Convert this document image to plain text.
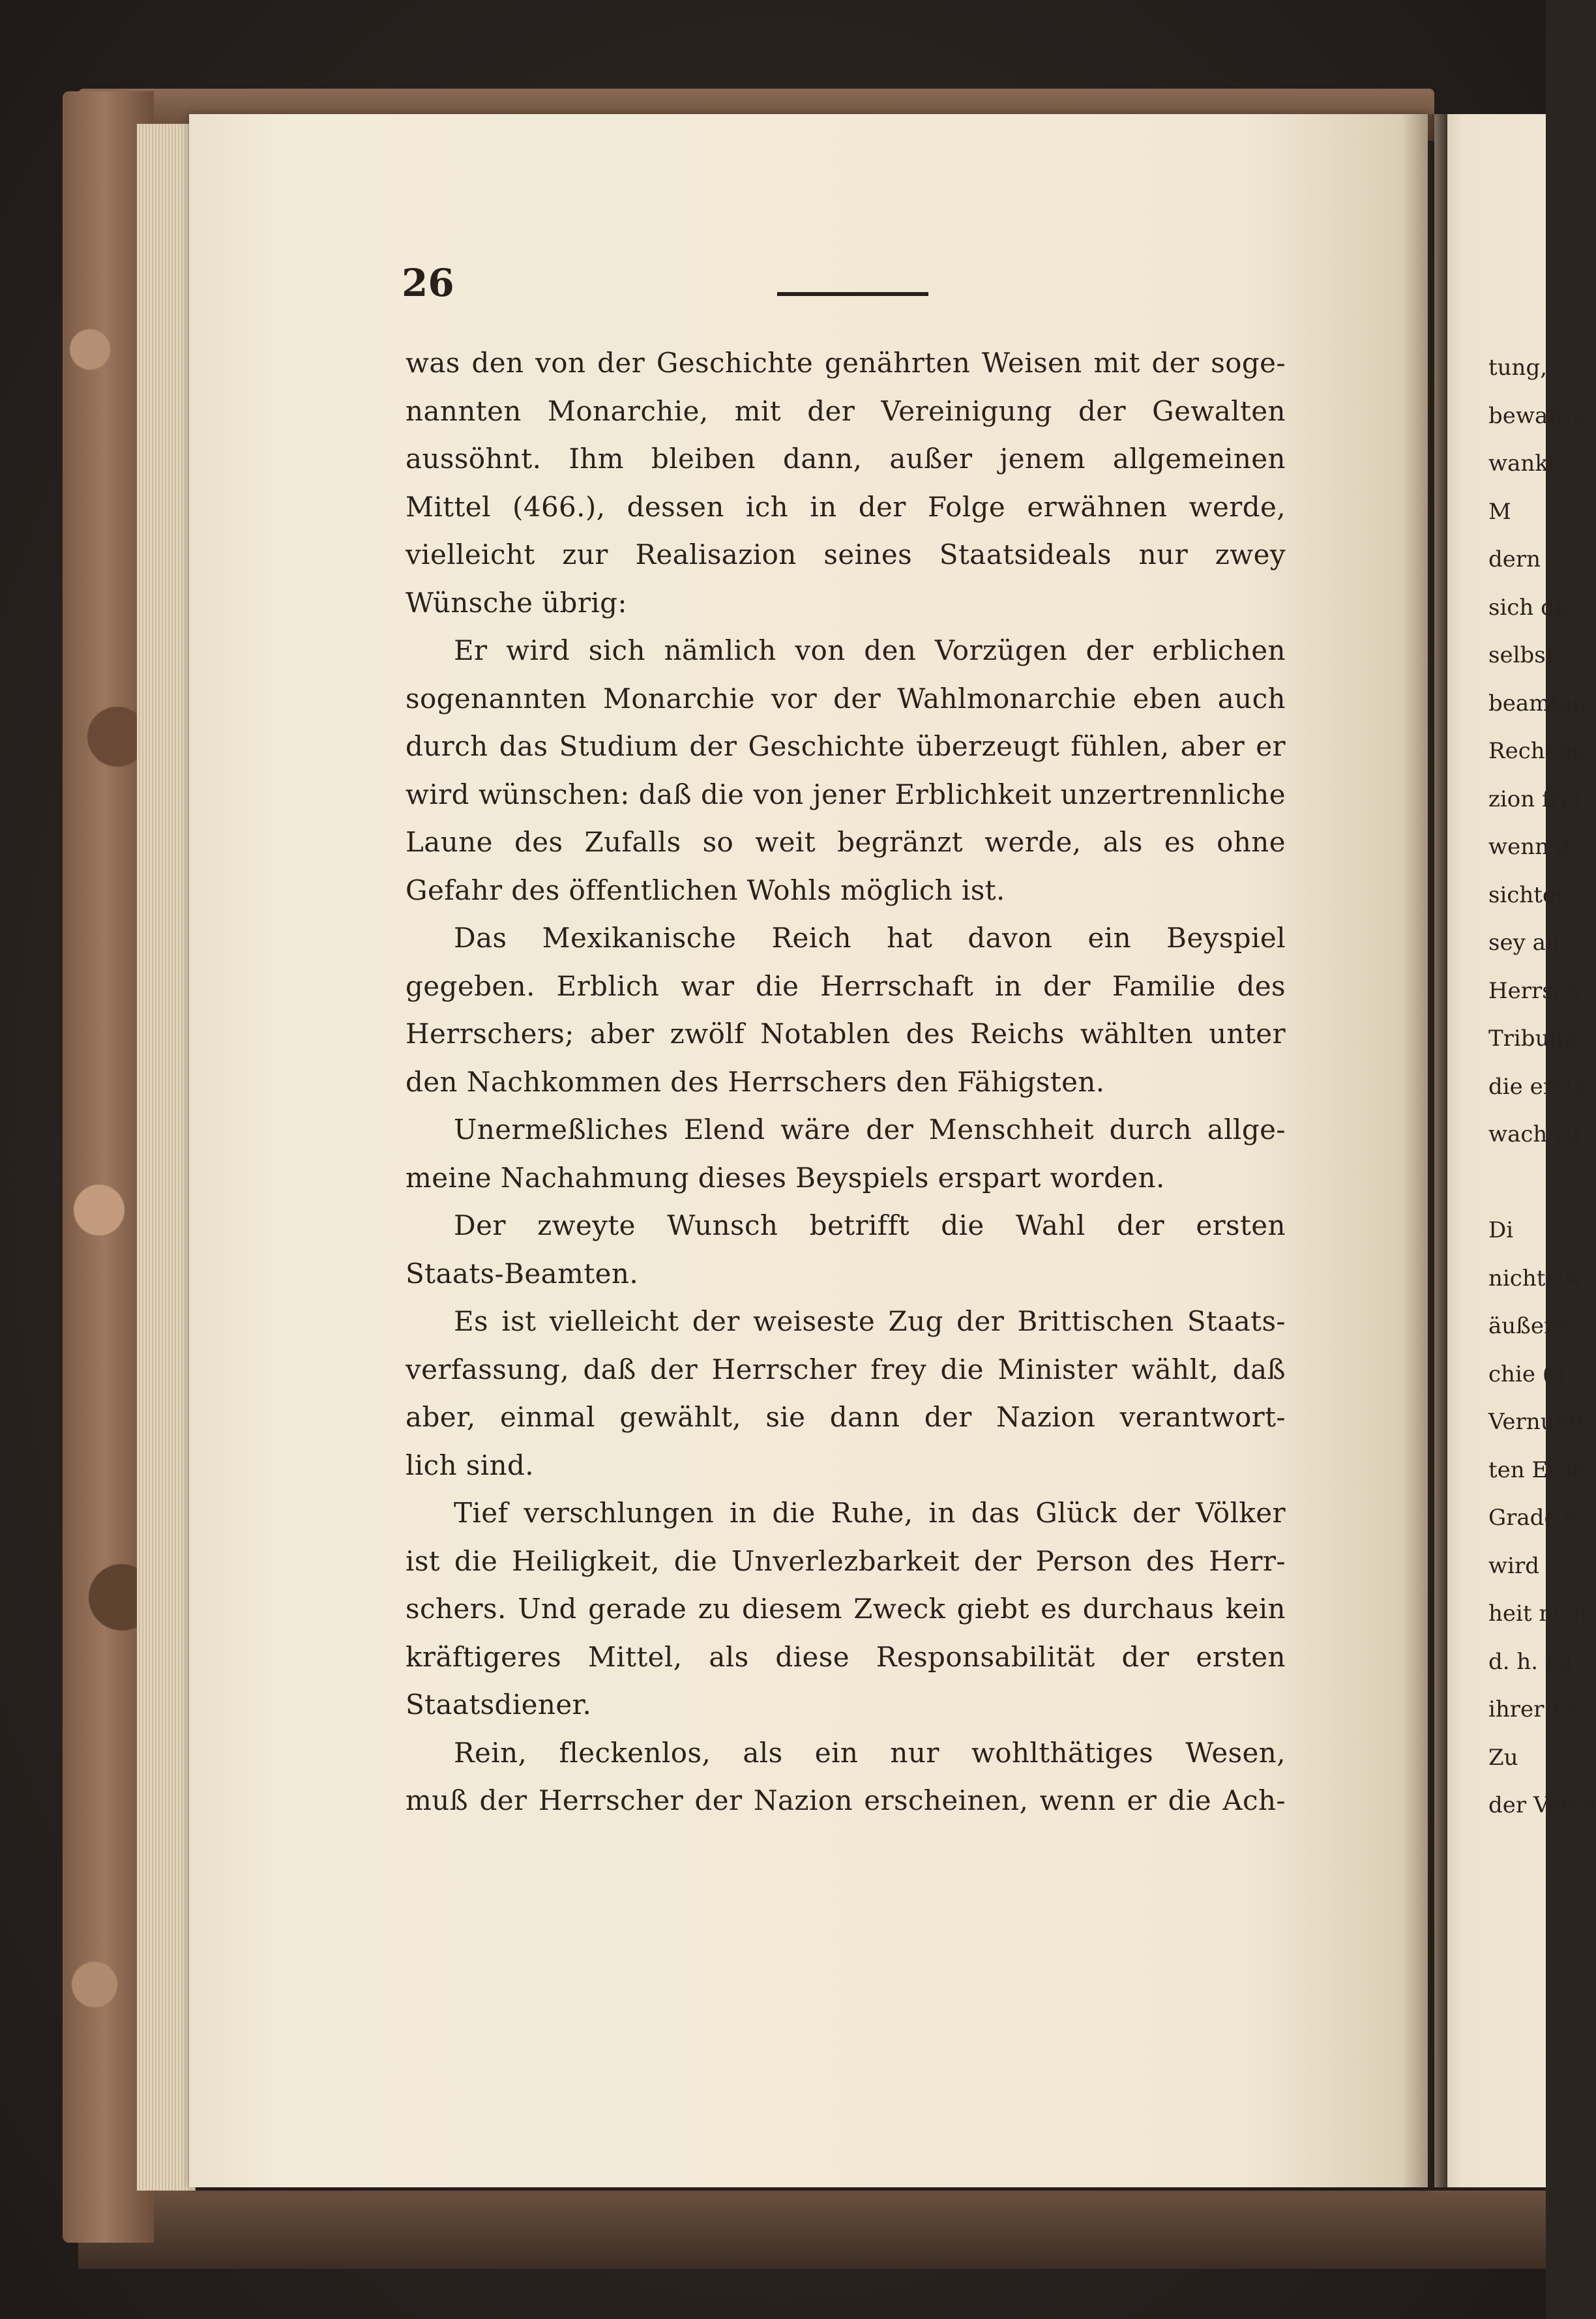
26
was den von der Geschichte genährten Weisen mit der soge-
nannten Monarchie, mit der Vereinigung der Gewalten
aussöhnt. Ihm bleiben dann, außer jenem allgemeinen
Mittel (466.), dessen ich in der Folge erwähnen werde,
vielleicht zur Realisazion seines Staatsideals nur zwey
Wünsche übrig:
Er wird sich nämlich von den Vorzügen der erblichen
sogenannten Monarchie vor der Wahlmonarchie eben auch
durch das Studium der Geschichte überzeugt fühlen, aber er
wird wünschen: daß die von jener Erblichkeit unzertrennliche
Laune des Zufalls so weit begränzt werde, als es ohne
Gefahr des öffentlichen Wohls möglich ist.
Das Mexikanische Reich hat davon ein Beyspiel
gegeben. Erblich war die Herrschaft in der Familie des
Herrschers; aber zwölf Notablen des Reichs wählten unter
den Nachkommen des Herrschers den Fähigsten.
Unermeßliches Elend wäre der Menschheit durch allge-
meine Nachahmung dieses Beyspiels erspart worden.
Der zweyte Wunsch betrifft die Wahl der ersten
Staats-Beamten.
Es ist vielleicht der weiseste Zug der Brittischen Staats-
verfassung, daß der Herrscher frey die Minister wählt, daß
aber, einmal gewählt, sie dann der Nazion verantwort-
lich sind.
Tief verschlungen in die Ruhe, in das Glück der Völker
ist die Heiligkeit, die Unverlezbarkeit der Person des Herr-
schers. Und gerade zu diesem Zweck giebt es durchaus kein
kräftigeres Mittel, als diese Responsabilität der ersten
Staatsdiener.
Rein, fleckenlos, als ein nur wohlthätiges Wesen,
muß der Herrscher der Nazion erscheinen, wenn er die Ach-
tung,
bewahre
wankt.
M
dern
sich die
selbst e
beamten
Rechens
zion frei
wenn d
sichten
sey au
Herrsch
Tribuna
die erste
wach zu
Di
nicht zw
äußere
chie (d
Vernunft
ten Erde
Grade er
wird –
heit nich
d. h. au
ihrer Fa
Zu
der Verso
